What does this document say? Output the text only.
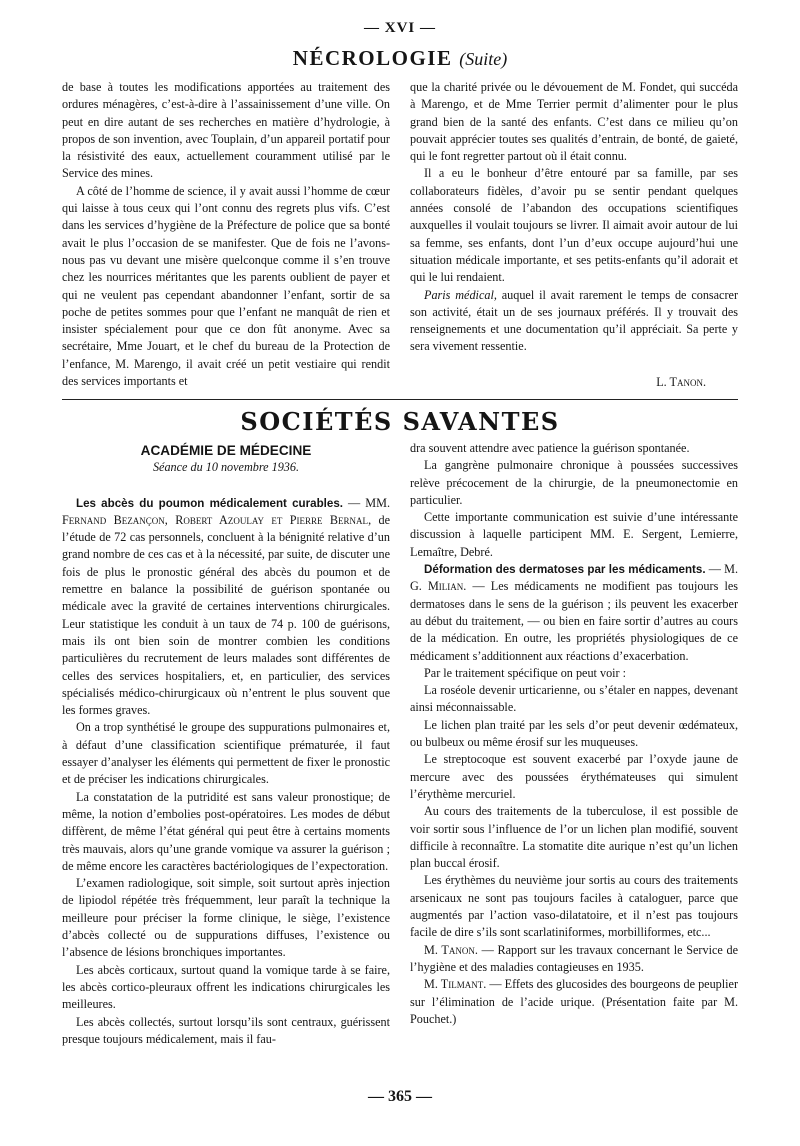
— XVI —
NÉCROLOGIE (Suite)

de base à toutes les modifications apportées au traitement des ordures ménagères, c’est-à-dire à l’assainissement d’une ville. On peut en dire autant de ses recherches en matière d’hydrologie, à propos de son invention, avec Touplain, d’un appareil portatif pour la résistivité des eaux, actuellement couramment utilisé par le Service des mines.

A côté de l’homme de science, il y avait aussi l’homme de cœur qui laisse à tous ceux qui l’ont connu des regrets plus vifs. C’est dans les services d’hygiène de la Préfecture de police que sa bonté avait le plus l’occasion de se manifester. Que de fois ne l’avons-nous pas vu devant une misère quelconque comme il s’en trouve chez les nourrices méritantes que les parents oublient de payer et qui ne veulent pas cependant abandonner l’enfant, sortir de sa poche de petites sommes pour que l’enfant ne manquât de rien et insister spécialement pour que ce don fût anonyme. Avec sa secrétaire, Mme Jouart, et le chef du bureau de la Protection de l’enfance, M. Marengo, il avait créé un petit vestiaire qui rendit des services importants et

que la charité privée ou le dévouement de M. Fondet, qui succéda à Marengo, et de Mme Terrier permit d’alimenter pour le plus grand bien de la santé des enfants. C’est dans ce milieu qu’on pouvait apprécier toutes ses qualités d’entrain, de bonté, de gaieté, qui le font regretter partout où il était connu.

Il a eu le bonheur d’être entouré par sa famille, par ses collaborateurs fidèles, d’avoir pu se sentir pendant quelques années consolé de l’abandon des occupations scientifiques auxquelles il voulait toujours se livrer. Il aimait avoir autour de lui sa femme, ses enfants, dont l’un d’eux occupe aujourd’hui une situation médicale importante, et ses petits-enfants qu’il adorait et qui le lui rendaient.

Paris médical, auquel il avait rarement le temps de consacrer son activité, était un de ses journaux préférés. Il y trouvait des renseignements et une documentation qu’il appréciait. Sa perte y sera vivement ressentie.

L. Tanon.

SOCIÉTÉS SAVANTES

ACADÉMIE DE MÉDECINE

Séance du 10 novembre 1936.

Les abcès du poumon médicalement curables. — MM. Fernand Bezançon, Robert Azoulay et Pierre Bernal, de l’étude de 72 cas personnels, concluent à la bénignité relative d’un grand nombre de ces cas et à la nécessité, par suite, de discuter une fois de plus le pronostic général des abcès du poumon et de remettre en balance la possibilité de guérison spontanée ou médicale avec la gravité de certaines interventions chirurgicales. Leur statistique les conduit à un taux de 74 p. 100 de guérisons, mais ils ont bien soin de montrer combien les conditions particulières du recrutement de leurs malades sont différentes de celles des services hospitaliers, et, en particulier, des services spécialisés médico-chirurgicaux où n’entrent le plus souvent que les formes graves.

On a trop synthétisé le groupe des suppurations pulmonaires et, à défaut d’une classification scientifique prématurée, il faut essayer d’analyser les éléments qui permettent de fixer le pronostic et de préciser les indications chirurgicales.

La constatation de la putridité est sans valeur pronostique; de même, la notion d’embolies post-opératoires. Les modes de début diffèrent, de même l’état général qui peut être à certains moments très mauvais, alors qu’une grande vomique va assurer la guérison ; de même encore les caractères bactériologiques de l’expectoration.

L’examen radiologique, soit simple, soit surtout après injection de lipiodol répétée très fréquemment, leur paraît la technique la meilleure pour préciser la forme clinique, le siège, l’existence d’abcès collecté ou de suppurations diffuses, l’existence ou l’absence de lésions bronchiques importantes.

Les abcès corticaux, surtout quand la vomique tarde à se faire, les abcès cortico-pleuraux offrent les indications chirurgicales les meilleures.

Les abcès collectés, surtout lorsqu’ils sont centraux, guérissent presque toujours médicalement, mais il fau-

dra souvent attendre avec patience la guérison spontanée.

La gangrène pulmonaire chronique à poussées successives relève précocement de la chirurgie, de la pneumonectomie en particulier.

Cette importante communication est suivie d’une intéressante discussion à laquelle participent MM. E. Sergent, Lemierre, Lemaître, Debré.

Déformation des dermatoses par les médicaments. — M. G. Milian. — Les médicaments ne modifient pas toujours les dermatoses dans le sens de la guérison ; ils peuvent les exacerber au début du traitement, — ou bien en faire sortir d’autres au cours de la médication. En outre, les propriétés physiologiques de ce médicament s’additionnent aux réactions d’exacerbation.

Par le traitement spécifique on peut voir :

La roséole devenir urticarienne, ou s’étaler en nappes, devenant ainsi méconnaissable.

Le lichen plan traité par les sels d’or peut devenir œdémateux, ou bulbeux ou même érosif sur les muqueuses.

Le streptocoque est souvent exacerbé par l’oxyde jaune de mercure avec des poussées érythémateuses qui simulent l’érythème mercuriel.

Au cours des traitements de la tuberculose, il est possible de voir sortir sous l’influence de l’or un lichen plan modifié, souvent difficile à reconnaître. La stomatite dite aurique n’est qu’un lichen plan buccal érosif.

Les érythèmes du neuvième jour sortis au cours des traitements arsenicaux ne sont pas toujours faciles à cataloguer, parce que augmentés par l’action vaso-dilatatoire, et il n’est pas toujours facile de dire s’ils sont scarlatiniformes, morbilliformes, etc...

M. Tanon. — Rapport sur les travaux concernant le Service de l’hygiène et des maladies contagieuses en 1935.

M. Tilmant. — Effets des glucosides des bourgeons de peuplier sur l’élimination de l’acide urique. (Présentation faite par M. Pouchet.)

— 365 —
